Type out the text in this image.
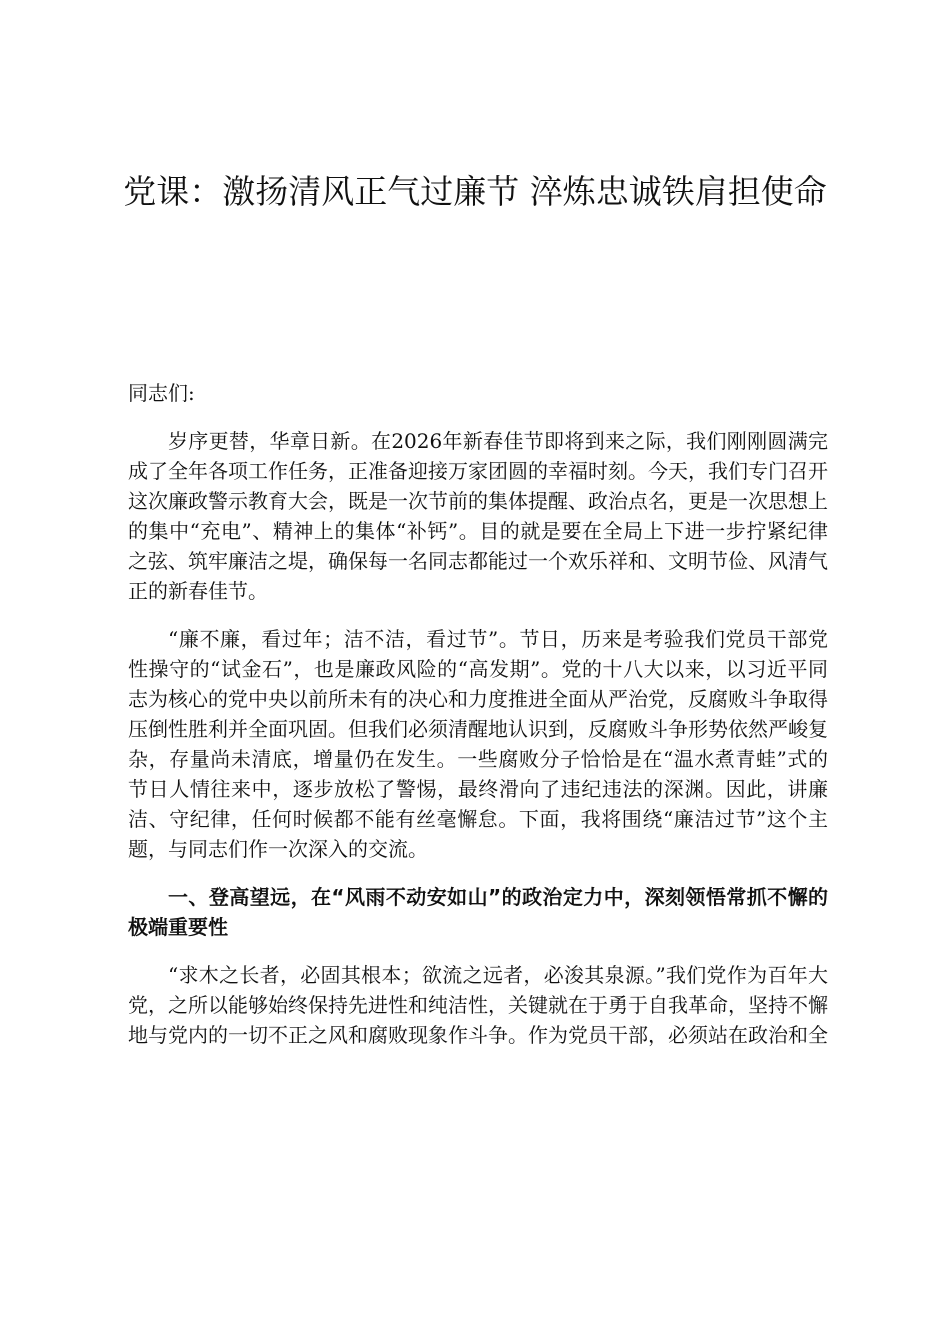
党课：激扬清风正气过廉节 淬炼忠诚铁肩担使命

同志们:

岁序更替，华章日新。在2026年新春佳节即将到来之际，我们刚刚圆满完成了全年各项工作任务，正准备迎接万家团圆的幸福时刻。今天，我们专门召开这次廉政警示教育大会，既是一次节前的集体提醒、政治点名，更是一次思想上的集中“充电”、精神上的集体“补钙”。目的就是要在全局上下进一步拧紧纪律之弦、筑牢廉洁之堤，确保每一名同志都能过一个欢乐祥和、文明节俭、风清气正的新春佳节。

“廉不廉，看过年；洁不洁，看过节”。节日，历来是考验我们党员干部党性操守的“试金石”，也是廉政风险的“高发期”。党的十八大以来，以习近平同志为核心的党中央以前所未有的决心和力度推进全面从严治党，反腐败斗争取得压倒性胜利并全面巩固。但我们必须清醒地认识到，反腐败斗争形势依然严峻复杂，存量尚未清底，增量仍在发生。一些腐败分子恰恰是在“温水煮青蛙”式的节日人情往来中，逐步放松了警惕，最终滑向了违纪违法的深渊。因此，讲廉洁、守纪律，任何时候都不能有丝毫懈怠。下面，我将围绕“廉洁过节”这个主题，与同志们作一次深入的交流。

一、登高望远，在“风雨不动安如山”的政治定力中，深刻领悟常抓不懈的极端重要性

“求木之长者，必固其根本；欲流之远者，必浚其泉源。”我们党作为百年大党，之所以能够始终保持先进性和纯洁性，关键就在于勇于自我革命，坚持不懈地与党内的一切不正之风和腐败现象作斗争。作为党员干部，必须站在政治和全
